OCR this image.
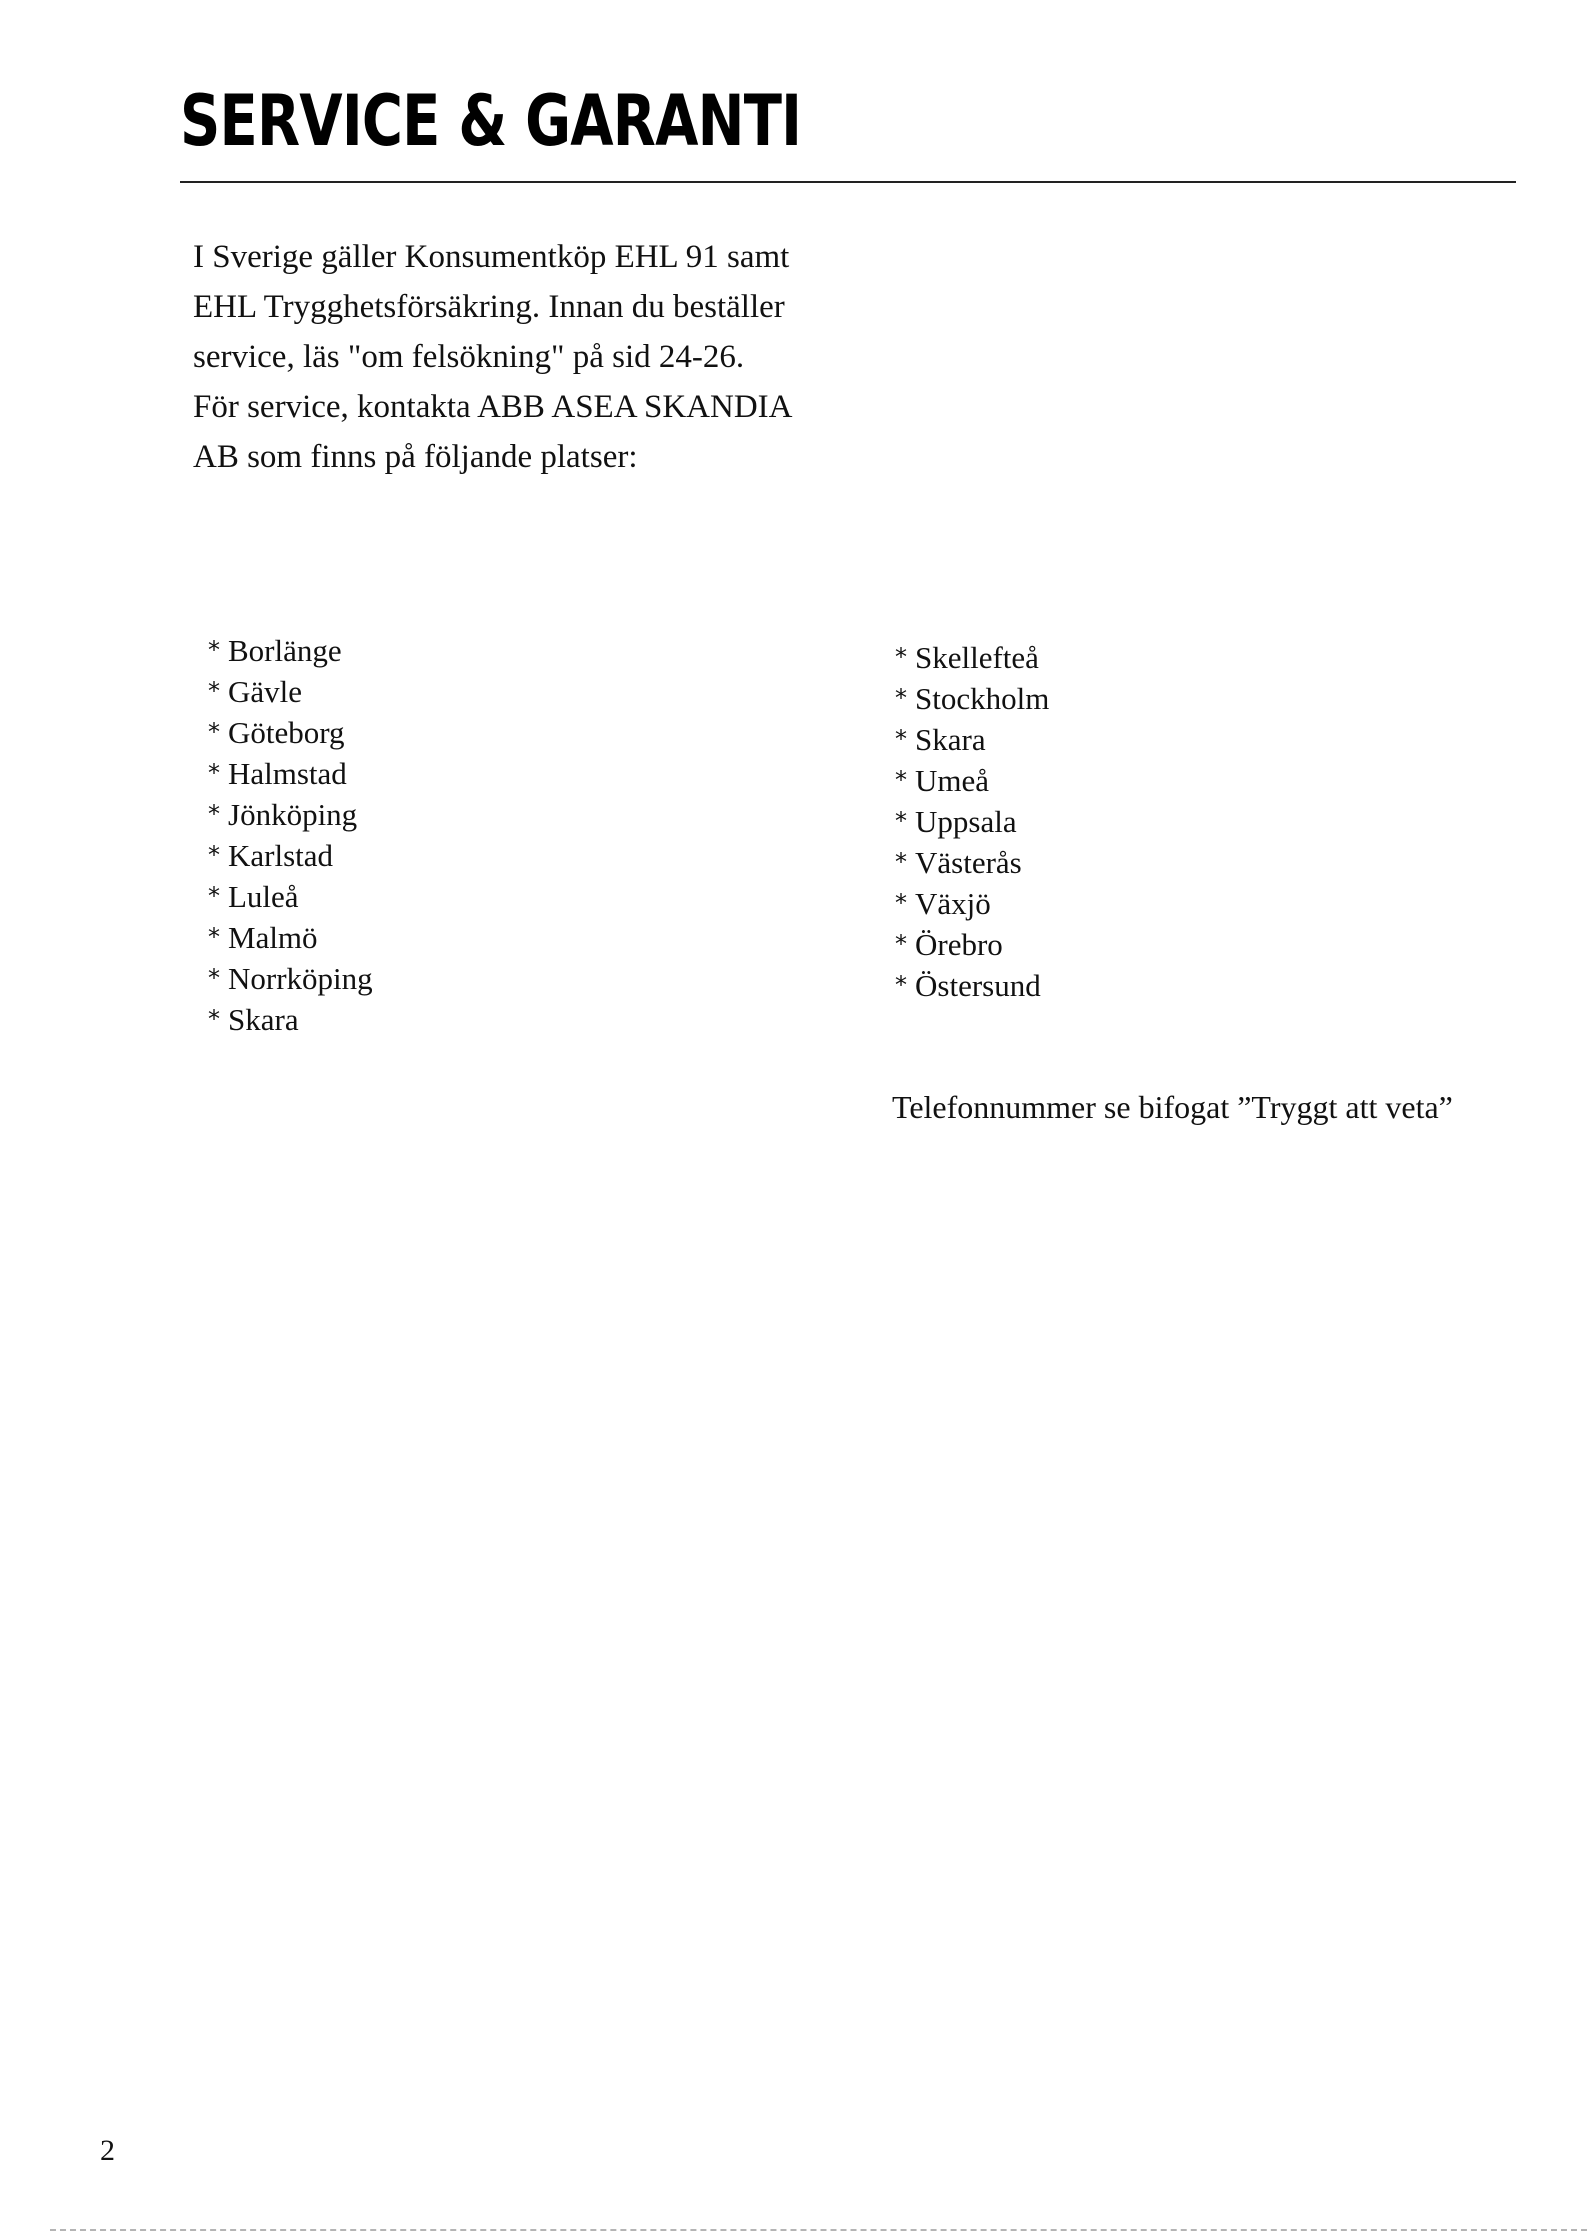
SERVICE & GARANTI
I Sverige gäller Konsumentköp EHL 91 samt
EHL Trygghetsförsäkring. Innan du beställer
service, läs "om felsökning" på sid 24-26.
För service, kontakta ABB ASEA SKANDIA
AB som finns på följande platser:
* Borlänge
* Gävle
* Göteborg
* Halmstad
* Jönköping
* Karlstad
* Luleå
* Malmö
* Norrköping
* Skara
* Skellefteå
* Stockholm
* Skara
* Umeå
* Uppsala
* Västerås
* Växjö
* Örebro
* Östersund
Telefonnummer se bifogat ”Tryggt att veta”
2
